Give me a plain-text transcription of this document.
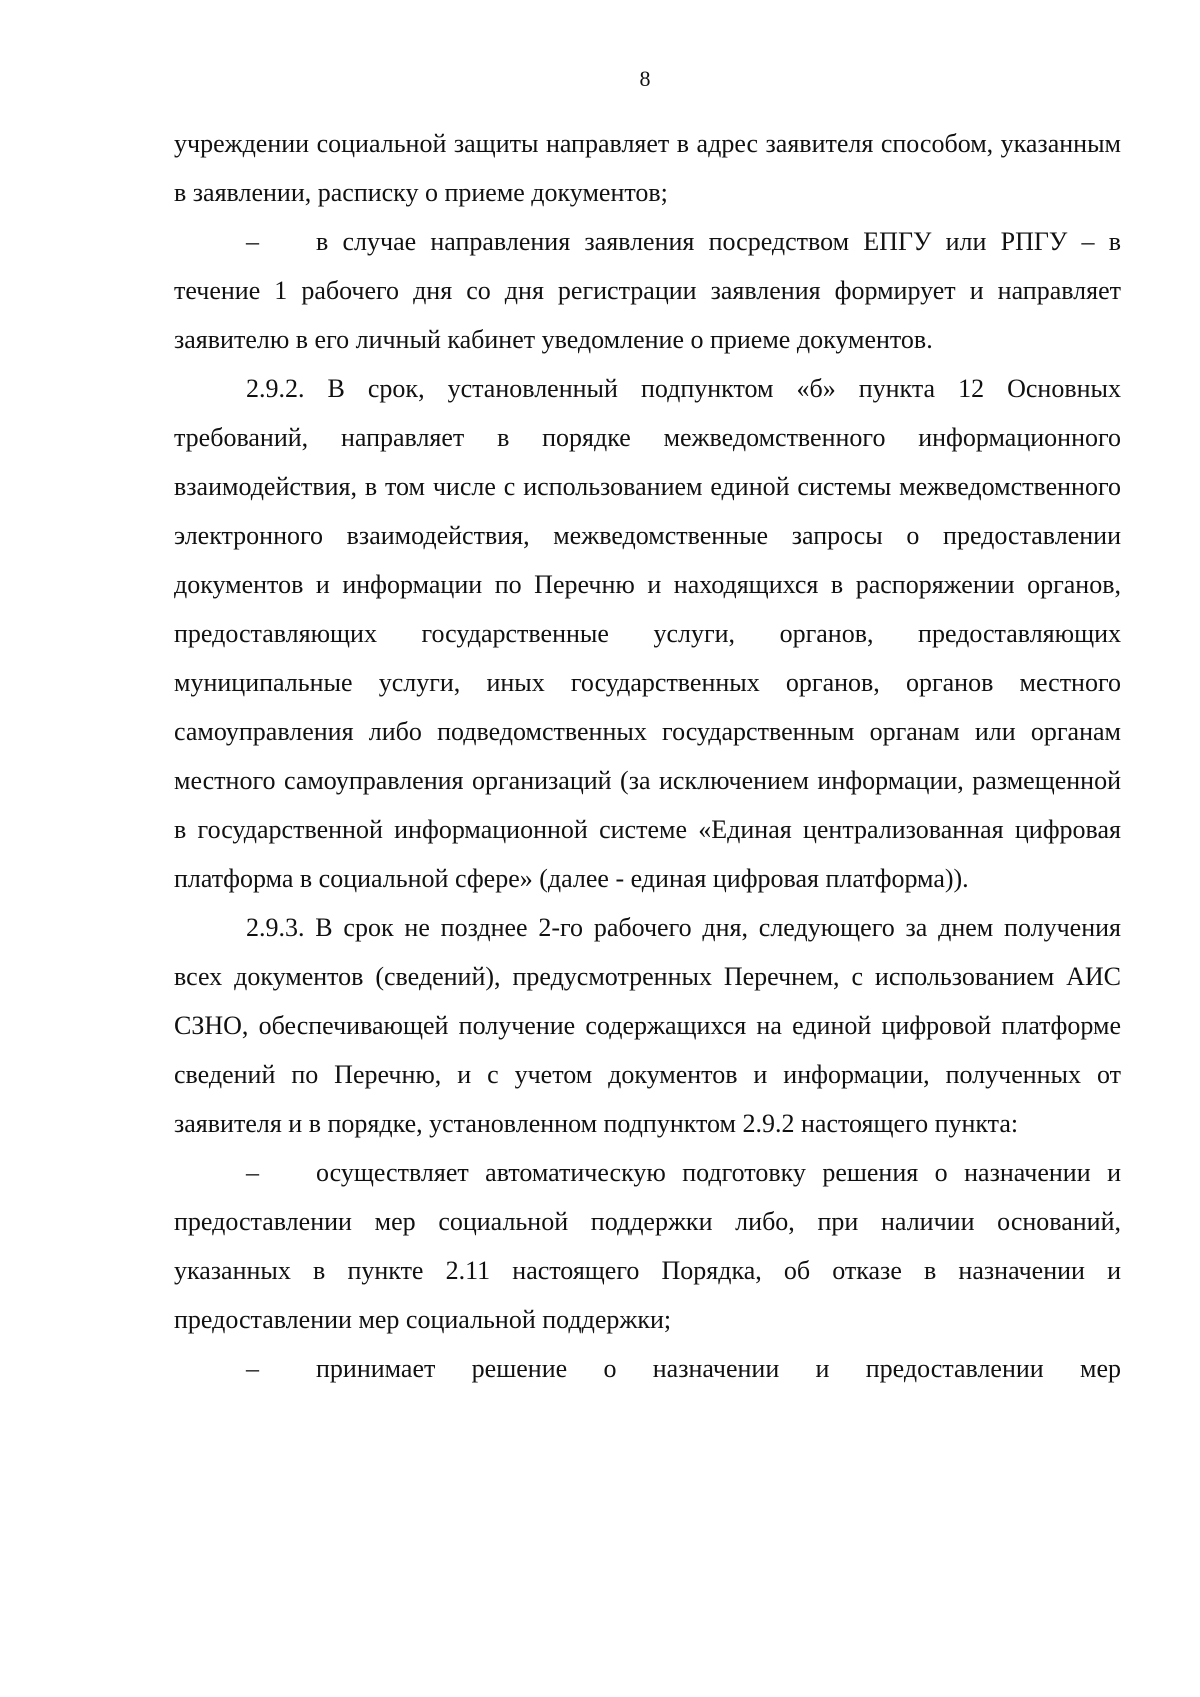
8

учреждении социальной защиты направляет в адрес заявителя способом, указанным в заявлении, расписку о приеме документов;

– в случае направления заявления посредством ЕПГУ или РПГУ – в течение 1 рабочего дня со дня регистрации заявления формирует и направляет заявителю в его личный кабинет уведомление о приеме документов.

2.9.2. В срок, установленный подпунктом «б» пункта 12 Основных требований, направляет в порядке межведомственного информационного взаимодействия, в том числе с использованием единой системы межведомственного электронного взаимодействия, межведомственные запросы о предоставлении документов и информации по Перечню и находящихся в распоряжении органов, предоставляющих государственные услуги, органов, предоставляющих муниципальные услуги, иных государственных органов, органов местного самоуправления либо подведомственных государственным органам или органам местного самоуправления организаций (за исключением информации, размещенной в государственной информационной системе «Единая централизованная цифровая платформа в социальной сфере» (далее - единая цифровая платформа)).

2.9.3. В срок не позднее 2-го рабочего дня, следующего за днем получения всех документов (сведений), предусмотренных Перечнем, с использованием АИС СЗНО, обеспечивающей получение содержащихся на единой цифровой платформе сведений по Перечню, и с учетом документов и информации, полученных от заявителя и в порядке, установленном подпунктом 2.9.2 настоящего пункта:

– осуществляет автоматическую подготовку решения о назначении и предоставлении мер социальной поддержки либо, при наличии оснований, указанных в пункте 2.11 настоящего Порядка, об отказе в назначении и предоставлении мер социальной поддержки;

– принимает решение о назначении и предоставлении мер
